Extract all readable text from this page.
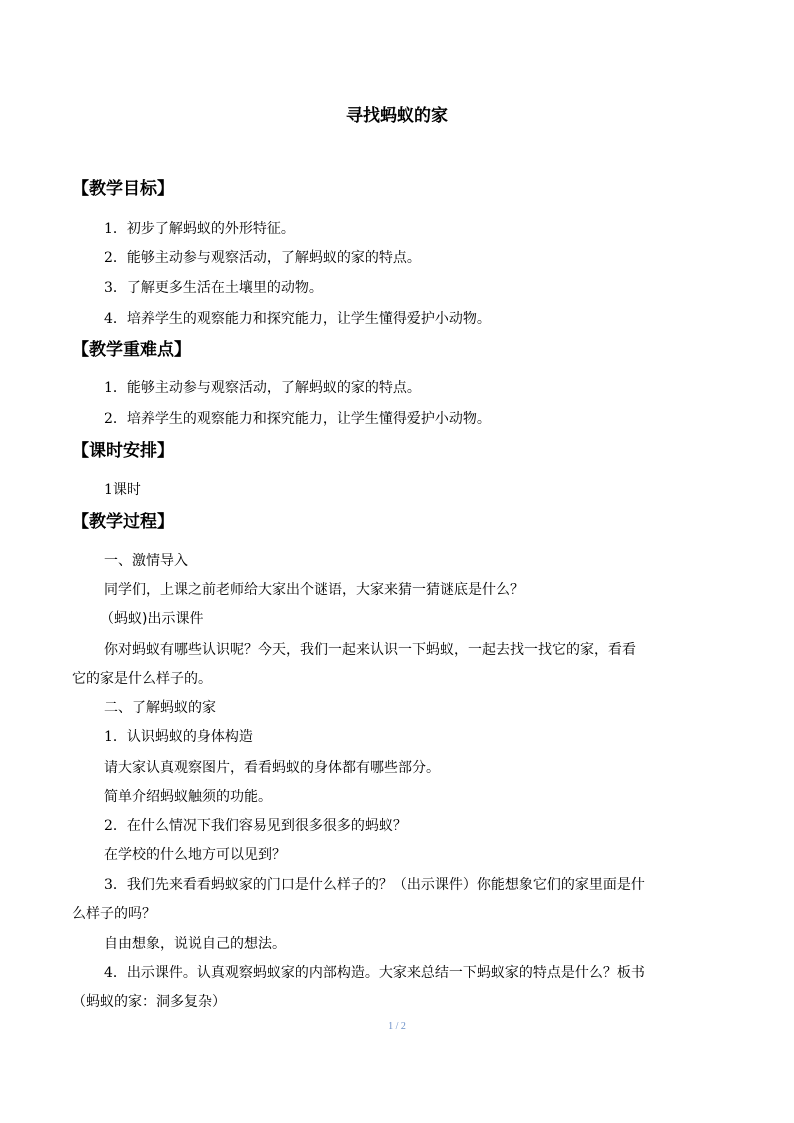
寻找蚂蚁的家
【教学目标】
1．初步了解蚂蚁的外形特征。
2．能够主动参与观察活动，了解蚂蚁的家的特点。
3．了解更多生活在土壤里的动物。
4．培养学生的观察能力和探究能力，让学生懂得爱护小动物。
【教学重难点】
1．能够主动参与观察活动，了解蚂蚁的家的特点。
2．培养学生的观察能力和探究能力，让学生懂得爱护小动物。
【课时安排】
1课时
【教学过程】
一、激情导入
同学们，上课之前老师给大家出个谜语，大家来猜一猜谜底是什么？
（蚂蚁)出示课件
你对蚂蚁有哪些认识呢？今天，我们一起来认识一下蚂蚁，一起去找一找它的家，看看
它的家是什么样子的。
二、了解蚂蚁的家
1．认识蚂蚁的身体构造
请大家认真观察图片，看看蚂蚁的身体都有哪些部分。
简单介绍蚂蚁触须的功能。
2．在什么情况下我们容易见到很多很多的蚂蚁？
在学校的什么地方可以见到？
3．我们先来看看蚂蚁家的门口是什么样子的？（出示课件）你能想象它们的家里面是什
么样子的吗？
自由想象，说说自己的想法。
4．出示课件。认真观察蚂蚁家的内部构造。大家来总结一下蚂蚁家的特点是什么？板书
（蚂蚁的家：洞多复杂）
1 / 2
